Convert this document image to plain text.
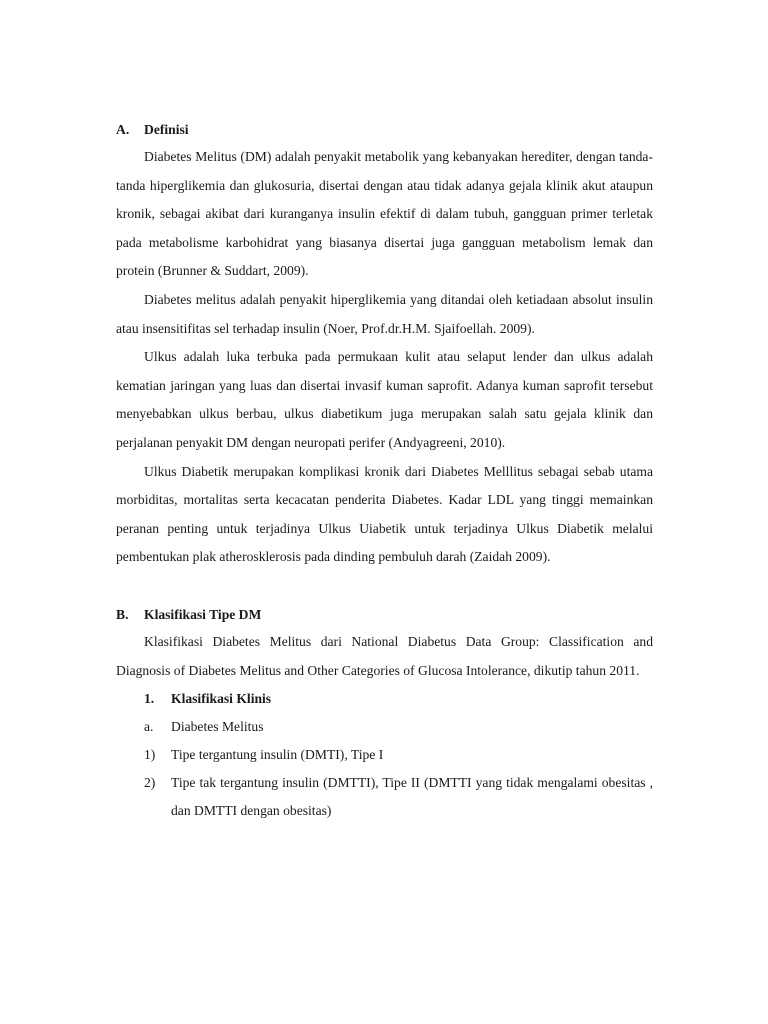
A.	Definisi

Diabetes Melitus (DM) adalah penyakit metabolik yang kebanyakan herediter, dengan tanda-tanda hiperglikemia dan glukosuria, disertai dengan atau tidak adanya gejala klinik akut ataupun kronik, sebagai akibat dari kuranganya insulin efektif di dalam tubuh, gangguan primer terletak pada metabolisme karbohidrat yang biasanya disertai juga gangguan metabolism lemak dan protein (Brunner & Suddart, 2009).

Diabetes melitus adalah penyakit hiperglikemia yang ditandai oleh ketiadaan absolut insulin atau insensitifitas sel terhadap insulin (Noer, Prof.dr.H.M. Sjaifoellah. 2009).

Ulkus adalah luka terbuka pada permukaan kulit atau selaput lender dan ulkus adalah kematian jaringan yang luas dan disertai invasif kuman saprofit. Adanya kuman saprofit tersebut menyebabkan ulkus berbau, ulkus diabetikum juga merupakan salah satu gejala klinik dan perjalanan penyakit DM dengan neuropati perifer (Andyagreeni, 2010).

Ulkus Diabetik merupakan komplikasi kronik dari Diabetes Melllitus sebagai sebab utama morbiditas, mortalitas serta kecacatan penderita Diabetes. Kadar LDL yang tinggi memainkan peranan penting untuk terjadinya Ulkus Uiabetik untuk terjadinya Ulkus Diabetik melalui pembentukan plak atherosklerosis pada dinding pembuluh darah (Zaidah 2009).

B.	Klasifikasi Tipe DM

Klasifikasi Diabetes Melitus dari National Diabetus Data Group: Classification and Diagnosis of Diabetes Melitus and Other Categories of Glucosa Intolerance, dikutip tahun 2011.

1.	Klasifikasi Klinis
a.	Diabetes Melitus
1)	Tipe tergantung insulin (DMTI), Tipe I
2)	Tipe tak tergantung insulin (DMTTI), Tipe II (DMTTI yang tidak mengalami obesitas , dan DMTTI dengan obesitas)
